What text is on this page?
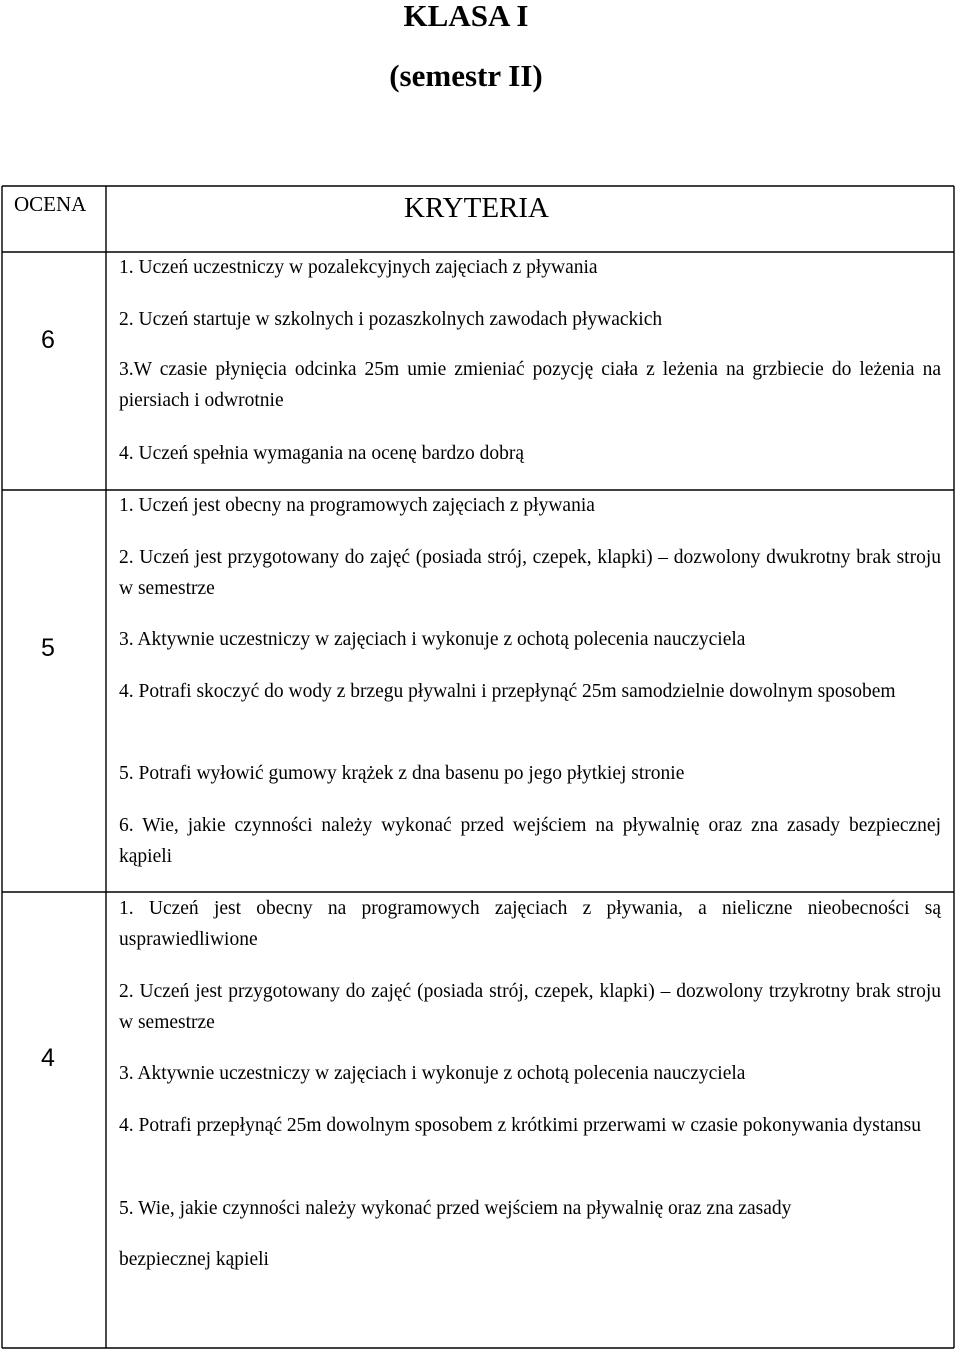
KLASA I
(semestr II)
OCENA	KRYTERIA
6

1. Uczeń uczestniczy w pozalekcyjnych zajęciach z pływania

2. Uczeń startuje w szkolnych i pozaszkolnych zawodach pływackich

3.W czasie płynięcia odcinka 25m umie zmieniać pozycję ciała z leżenia na grzbiecie do leżenia na piersiach i odwrotnie

4. Uczeń spełnia wymagania na ocenę bardzo dobrą

5

1. Uczeń jest obecny na programowych zajęciach z pływania

2. Uczeń jest przygotowany do zajęć (posiada strój, czepek, klapki) – dozwolony dwukrotny brak stroju w semestrze

3. Aktywnie uczestniczy w zajęciach i wykonuje z ochotą polecenia nauczyciela

4. Potrafi skoczyć do wody z brzegu pływalni i przepłynąć 25m samodzielnie dowolnym sposobem

5. Potrafi wyłowić gumowy krążek z dna basenu po jego płytkiej stronie

6. Wie, jakie czynności należy wykonać przed wejściem na pływalnię oraz zna zasady bezpiecznej kąpieli

4

1. Uczeń jest obecny na programowych zajęciach z pływania, a nieliczne nieobecności są usprawiedliwione

2. Uczeń jest przygotowany do zajęć (posiada strój, czepek, klapki) – dozwolony trzykrotny brak stroju w semestrze

3. Aktywnie uczestniczy w zajęciach i wykonuje z ochotą polecenia nauczyciela

4. Potrafi przepłynąć 25m dowolnym sposobem z krótkimi przerwami w czasie pokonywania dystansu

5. Wie, jakie czynności należy wykonać przed wejściem na pływalnię oraz zna zasady

bezpiecznej kąpieli
